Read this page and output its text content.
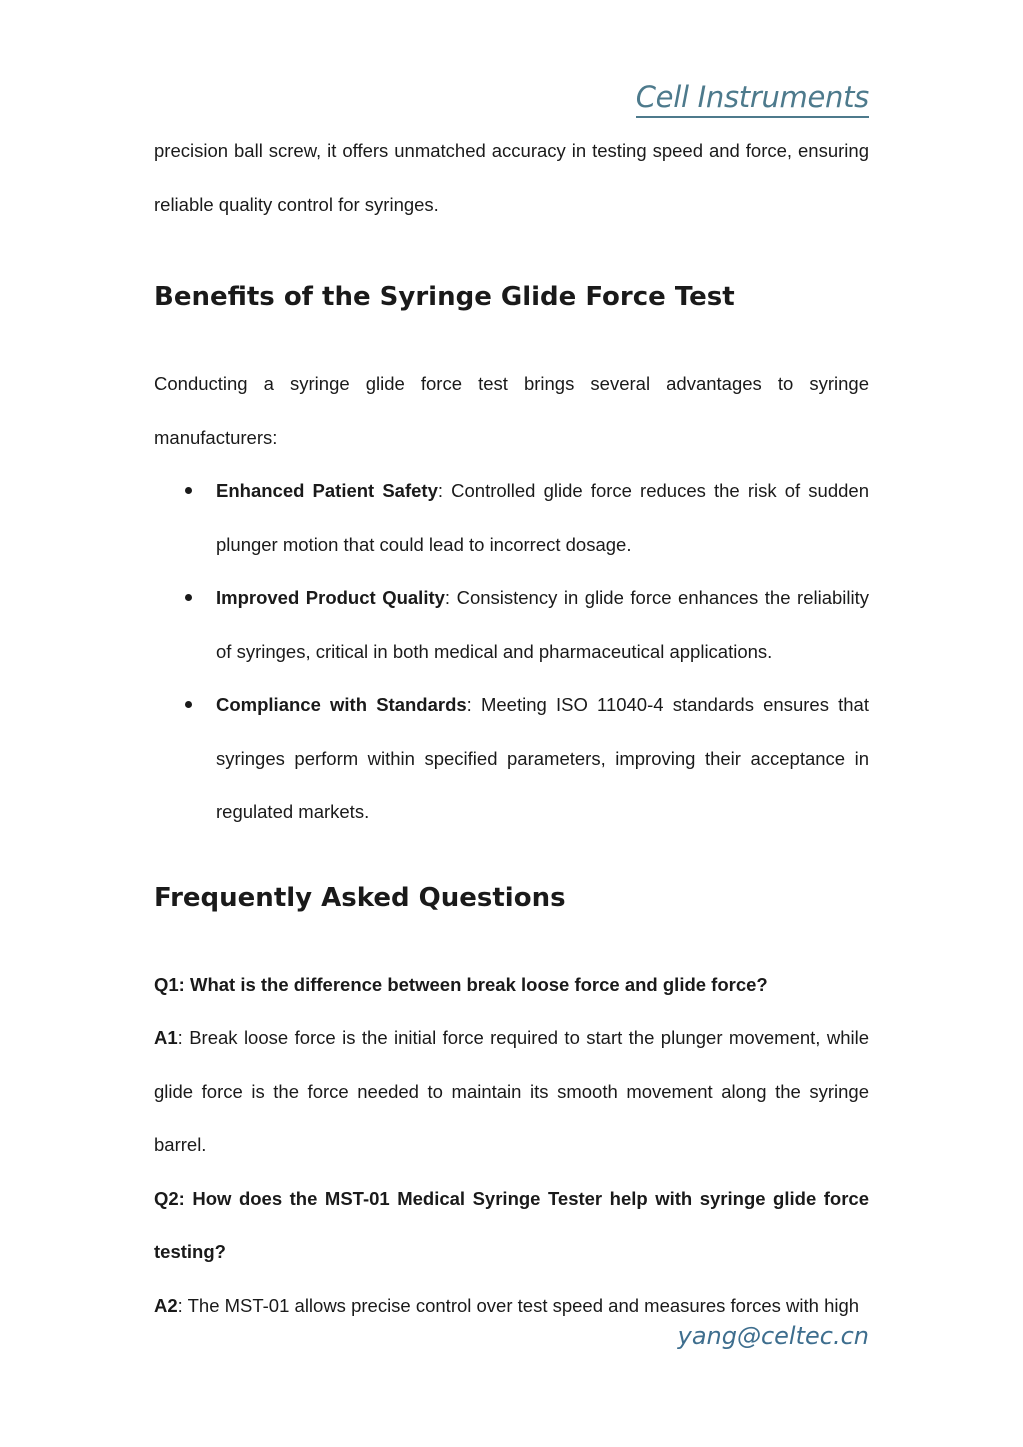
Cell Instruments

precision ball screw, it offers unmatched accuracy in testing speed and force, ensuring reliable quality control for syringes.

Benefits of the Syringe Glide Force Test

Conducting a syringe glide force test brings several advantages to syringe manufacturers:

Enhanced Patient Safety: Controlled glide force reduces the risk of sudden plunger motion that could lead to incorrect dosage.
Improved Product Quality: Consistency in glide force enhances the reliability of syringes, critical in both medical and pharmaceutical applications.
Compliance with Standards: Meeting ISO 11040-4 standards ensures that syringes perform within specified parameters, improving their acceptance in regulated markets.
Frequently Asked Questions

Q1: What is the difference between break loose force and glide force?

A1: Break loose force is the initial force required to start the plunger movement, while glide force is the force needed to maintain its smooth movement along the syringe barrel.

Q2: How does the MST-01 Medical Syringe Tester help with syringe glide force testing?

A2: The MST-01 allows precise control over test speed and measures forces with high

yang@celtec.cn
